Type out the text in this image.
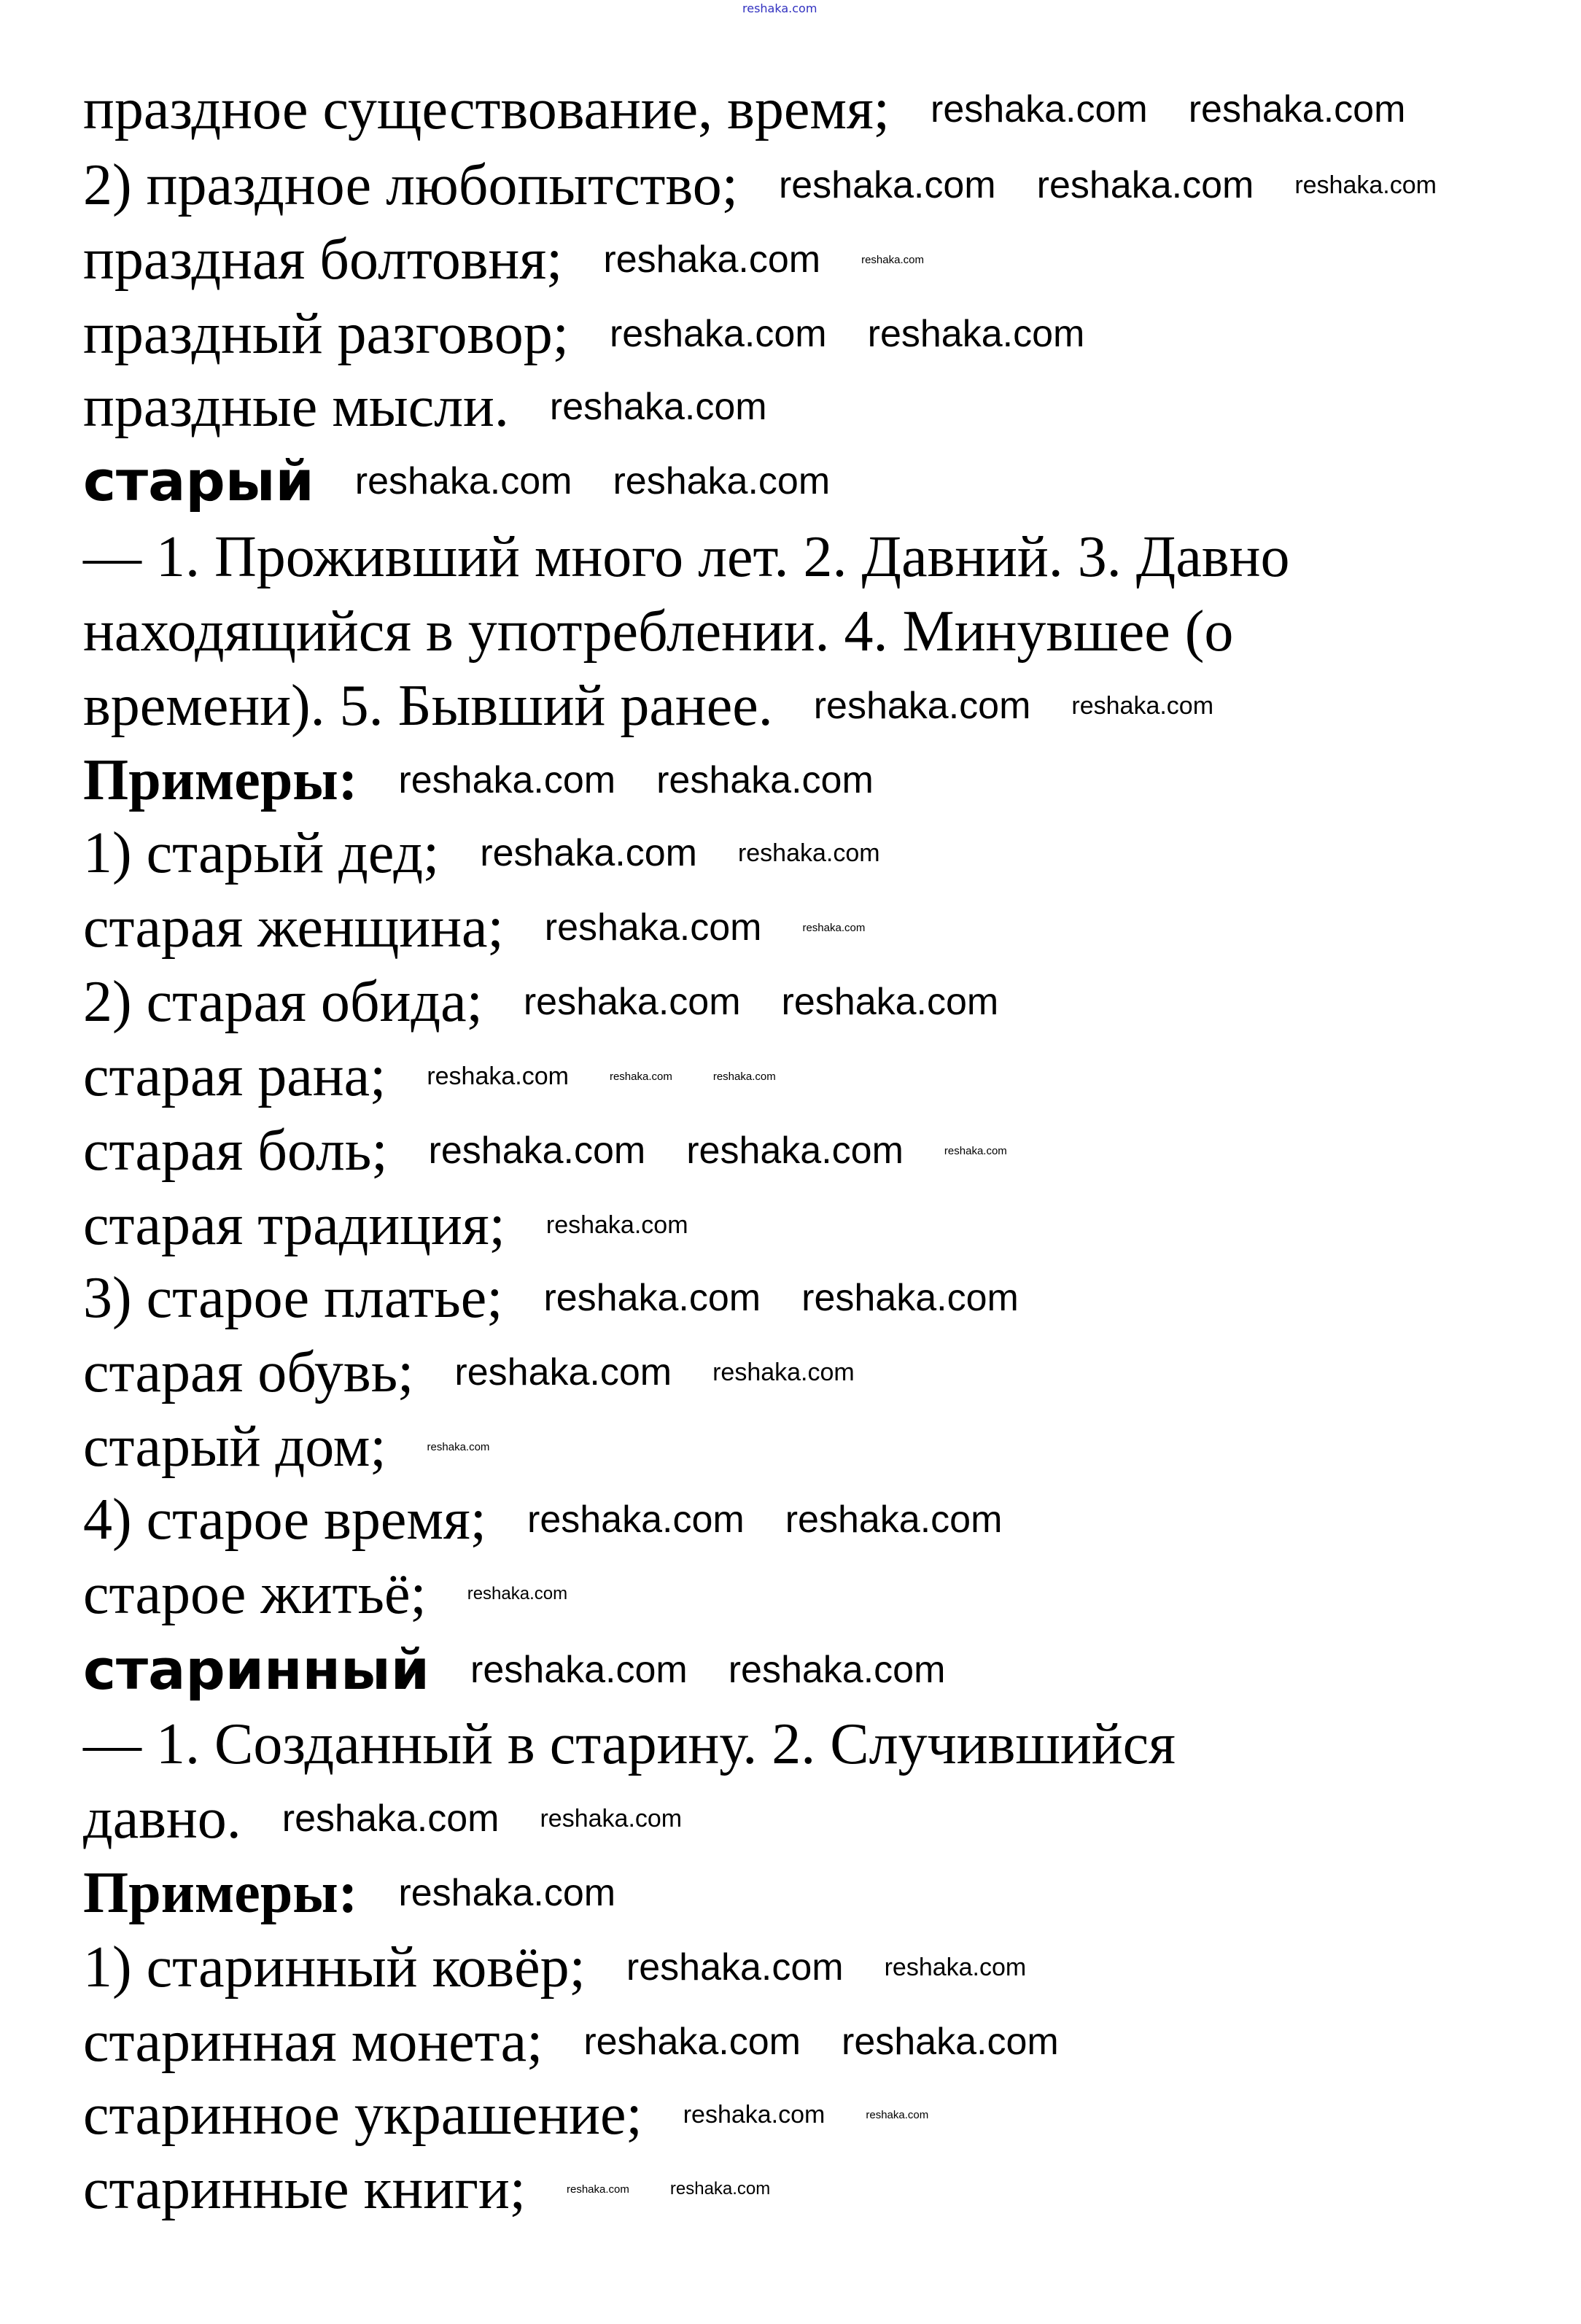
reshaka.com
праздное существование, время; reshaka.com reshaka.com
2) праздное любопытство; reshaka.com reshaka.com reshaka.com
праздная болтовня; reshaka.com	reshaka.com
праздный разговор; reshaka.com reshaka.com
праздные мысли. reshaka.com
старый reshaka.com reshaka.com
— 1. Проживший много лет. 2. Давний. 3. Давно
находящийся в употреблении. 4. Минувшее (о
времени). 5. Бывший ранее. reshaka.com reshaka.com
Примеры: reshaka.com reshaka.com
1) старый дед; reshaka.com reshaka.com
старая женщина; reshaka.com	reshaka.com
2) старая обида; reshaka.com reshaka.com
старая рана; reshaka.com	reshaka.com	reshaka.com
старая боль; reshaka.com reshaka.com	reshaka.com
старая традиция; reshaka.com
3) старое платье; reshaka.com reshaka.com
старая обувь; reshaka.com reshaka.com
старый дом;	reshaka.com
4) старое время; reshaka.com reshaka.com
старое житьё; reshaka.com
старинный reshaka.com reshaka.com
— 1. Созданный в старину. 2. Случившийся
давно. reshaka.com reshaka.com
Примеры: reshaka.com
1) старинный ковёр; reshaka.com reshaka.com
старинная монета; reshaka.com reshaka.com
старинное украшение; reshaka.com	reshaka.com
старинные книги;	reshaka.com reshaka.com
